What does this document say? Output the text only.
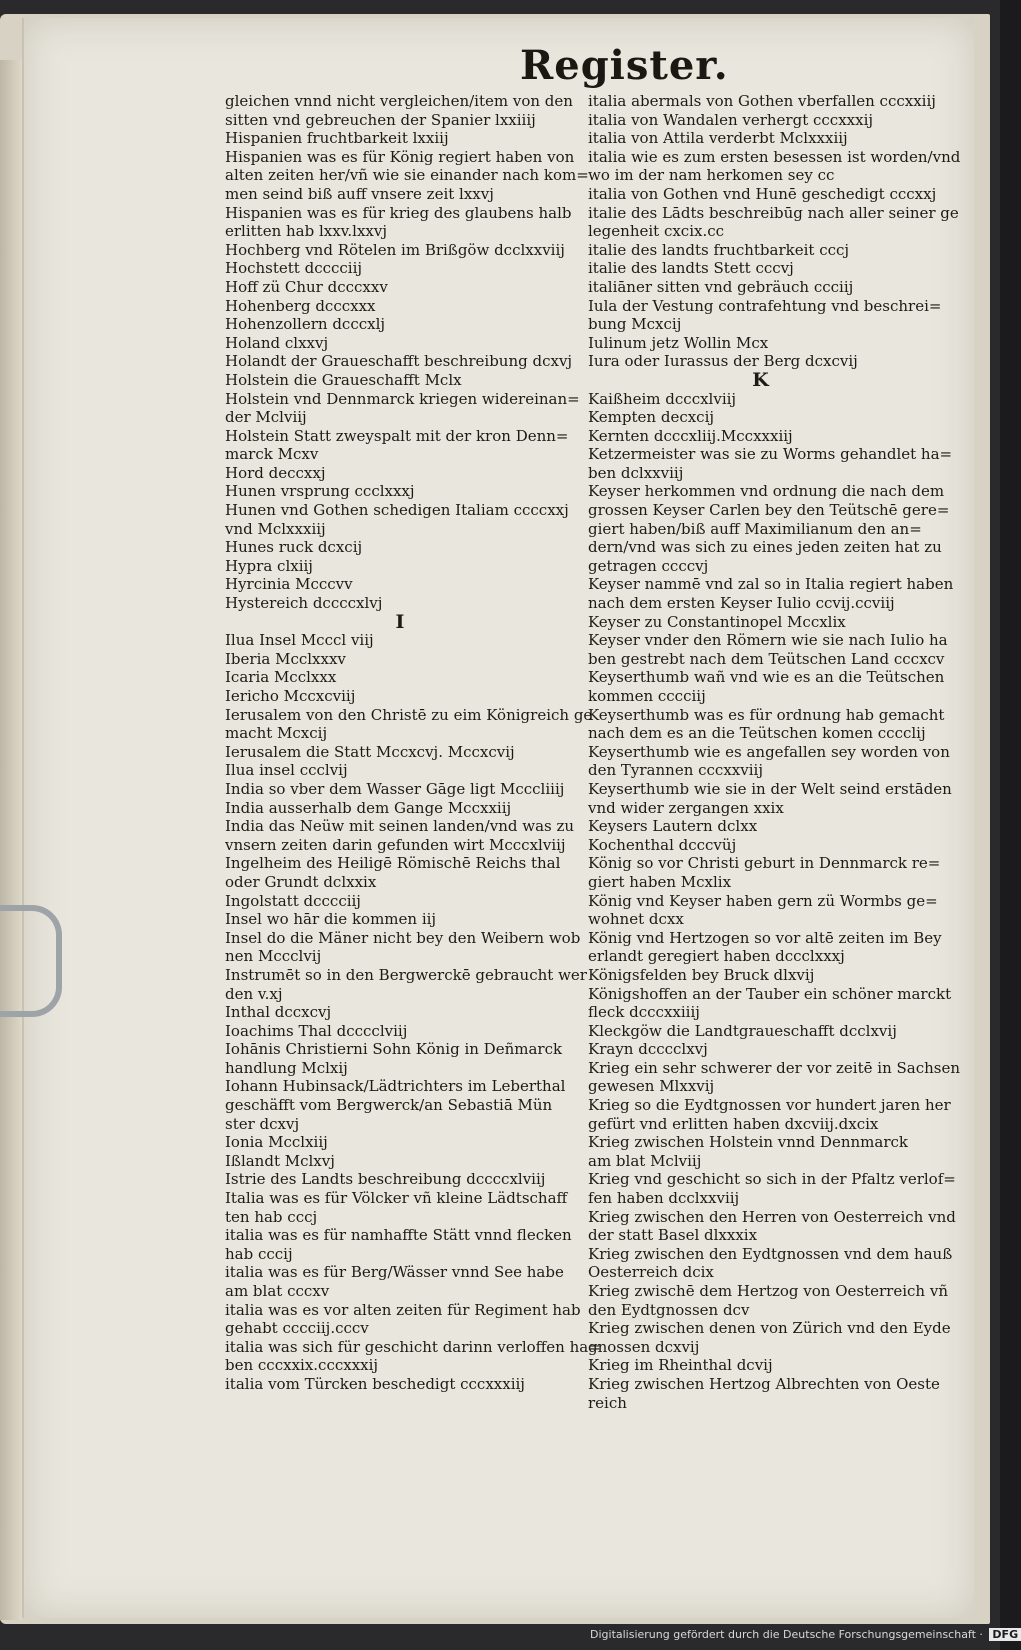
Register.
gleichen vnnd nicht vergleichen/item von den
sitten vnd gebreuchen der Spanier lxxiiij
Hispanien fruchtbarkeit lxxiij
Hispanien was es für König regiert haben von
alten zeiten her/vñ wie sie einander nach kom=
men seind biß auff vnsere zeit lxxvj
Hispanien was es für krieg des glaubens halb
erlitten hab lxxv.lxxvj
Hochberg vnd Rötelen im Brißgöw dcclxxviij
Hochstett dcccciij
Hoff zü Chur dcccxxv
Hohenberg dcccxxx
Hohenzollern dcccxlj
Holand clxxvj
Holandt der Graueschafft beschreibung dcxvj
Holstein die Graueschafft Mclx
Holstein vnd Dennmarck kriegen widereinan=
der Mclviij
Holstein Statt zweyspalt mit der kron Denn=
marck Mcxv
Hord deccxxj
Hunen vrsprung ccclxxxj
Hunen vnd Gothen schedigen Italiam ccccxxj
vnd Mclxxxiij
Hunes ruck dcxcij
Hypra clxiij
Hyrcinia Mcccvv
Hystereich dccccxlvj
I
Ilua Insel Mcccl viij
Iberia Mcclxxxv
Icaria Mcclxxx
Iericho Mccxcviij
Ierusalem von den Christē zu eim Königreich ge
macht Mcxcij
Ierusalem die Statt Mccxcvj. Mccxcvij
Ilua insel ccclvij
India so vber dem Wasser Gāge ligt Mcccliiij
India ausserhalb dem Gange Mccxxiij
India das Neüw mit seinen landen/vnd was zu
vnsern zeiten darin gefunden wirt Mcccxlviij
Ingelheim des Heiligē Römischē Reichs thal
oder Grundt dclxxix
Ingolstatt dcccciij
Insel wo hār die kommen iij
Insel do die Mäner nicht bey den Weibern wob
nen Mccclvij
Instrumēt so in den Bergwerckē gebraucht wer
den v.xj
Inthal dccxcvj
Ioachims Thal dcccclviij
Iohānis Christierni Sohn König in Deñmarck
handlung Mclxij
Iohann Hubinsack/Lädtrichters im Leberthal
geschäfft vom Bergwerck/an Sebastiā Mün
ster dcxvj
Ionia Mcclxiij
Ißlandt Mclxvj
Istrie des Landts beschreibung dccccxlviij
Italia was es für Völcker vñ kleine Lädtschaff
ten hab cccj
italia was es für namhaffte Stätt vnnd flecken
hab cccij
italia was es für Berg/Wässer vnnd See habe
am blat cccxv
italia was es vor alten zeiten für Regiment hab
gehabt cccciij.cccv
italia was sich für geschicht darinn verloffen ha=
ben cccxxix.cccxxxij
italia vom Türcken beschedigt cccxxxiij
italia abermals von Gothen vberfallen cccxxiij
italia von Wandalen verhergt cccxxxij
italia von Attila verderbt Mclxxxiij
italia wie es zum ersten besessen ist worden/vnd
wo im der nam herkomen sey cc
italia von Gothen vnd Hunē geschedigt cccxxj
italie des Lādts beschreibūg nach aller seiner ge
legenheit cxcix.cc
italie des landts fruchtbarkeit cccj
italie des landts Stett cccvj
italiāner sitten vnd gebräuch ccciij
Iula der Vestung contrafehtung vnd beschrei=
bung Mcxcij
Iulinum jetz Wollin Mcx
Iura oder Iurassus der Berg dcxcvij
K
Kaißheim dcccxlviij
Kempten decxcij
Kernten dcccxliij.Mccxxxiij
Ketzermeister was sie zu Worms gehandlet ha=
ben dclxxviij
Keyser herkommen vnd ordnung die nach dem
grossen Keyser Carlen bey den Teütschē gere=
giert haben/biß auff Maximilianum den an=
dern/vnd was sich zu eines jeden zeiten hat zu
getragen ccccvj
Keyser nammē vnd zal so in Italia regiert haben
nach dem ersten Keyser Iulio ccvij.ccviij
Keyser zu Constantinopel Mccxlix
Keyser vnder den Römern wie sie nach Iulio ha
ben gestrebt nach dem Teütschen Land cccxcv
Keyserthumb wañ vnd wie es an die Teütschen
kommen cccciij
Keyserthumb was es für ordnung hab gemacht
nach dem es an die Teütschen komen cccclij
Keyserthumb wie es angefallen sey worden von
den Tyrannen cccxxviij
Keyserthumb wie sie in der Welt seind erstāden
vnd wider zergangen xxix
Keysers Lautern dclxx
Kochenthal dcccvüj
König so vor Christi geburt in Dennmarck re=
giert haben Mcxlix
König vnd Keyser haben gern zü Wormbs ge=
wohnet dcxx
König vnd Hertzogen so vor altē zeiten im Bey
erlandt geregiert haben dccclxxxj
Königsfelden bey Bruck dlxvij
Königshoffen an der Tauber ein schöner marckt
fleck dcccxxiiij
Kleckgöw die Landtgraueschafft dcclxvij
Krayn dcccclxvj
Krieg ein sehr schwerer der vor zeitē in Sachsen
gewesen Mlxxvij
Krieg so die Eydtgnossen vor hundert jaren her
gefürt vnd erlitten haben dxcviij.dxcix
Krieg zwischen Holstein vnnd Dennmarck
am blat Mclviij
Krieg vnd geschicht so sich in der Pfaltz verlof=
fen haben dcclxxviij
Krieg zwischen den Herren von Oesterreich vnd
der statt Basel dlxxxix
Krieg zwischen den Eydtgnossen vnd dem hauß
Oesterreich dcix
Krieg zwischē dem Hertzog von Oesterreich vñ
den Eydtgnossen dcv
Krieg zwischen denen von Zürich vnd den Eyde
gnossen dcxvij
Krieg im Rheinthal dcvij
Krieg zwischen Hertzog Albrechten von Oeste
reich
Digitalisierung gefördert durch die Deutsche Forschungsgemeinschaft · DFG
